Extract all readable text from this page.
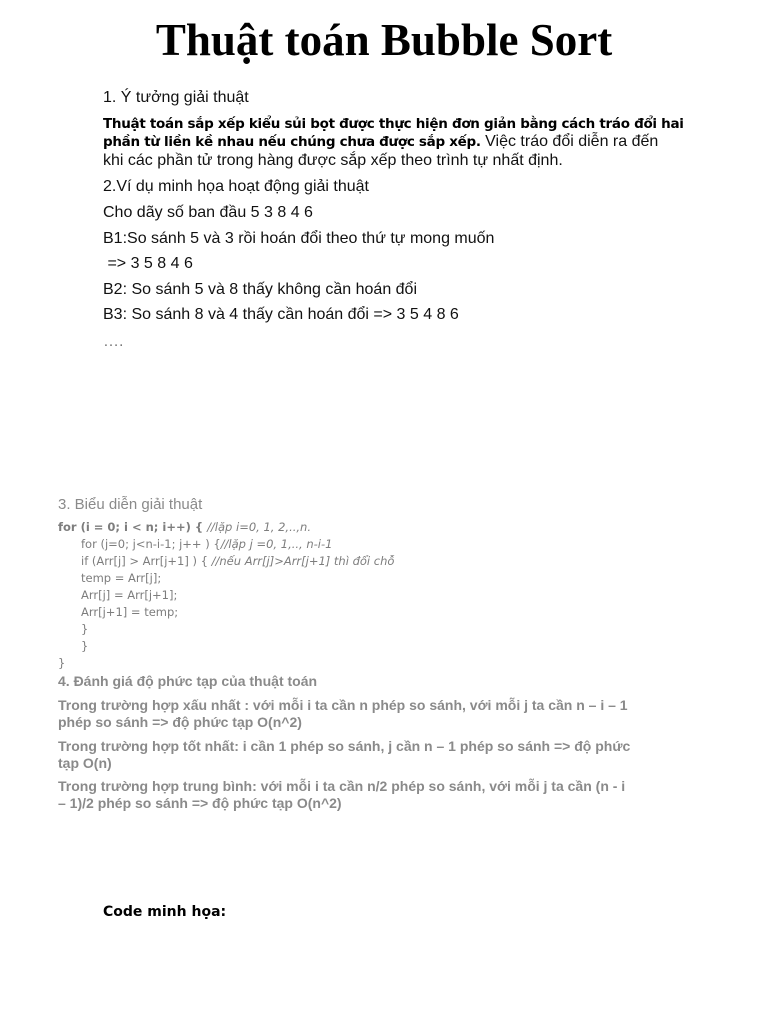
Thuật toán Bubble Sort
1. Ý tưởng giải thuật
Thuật toán sắp xếp kiểu sủi bọt được thực hiện đơn giản bằng cách tráo đổi hai
phần từ liền kề nhau nếu chúng chưa được sắp xếp. Việc tráo đổi diễn ra đến
khi các phần tử trong hàng được sắp xếp theo trình tự nhất định.
2.Ví dụ minh họa hoạt động giải thuật
Cho dãy số ban đầu 5 3 8 4 6
B1:So sánh 5 và 3 rồi hoán đổi theo thứ tự mong muốn
=> 3 5 8 4 6
B2: So sánh 5 và 8 thấy không cần hoán đổi
B3: So sánh 8 và 4 thấy cần hoán đổi => 3 5 4 8 6
….
3. Biểu diễn giải thuật
for (i = 0; i < n; i++) { //lặp i=0, 1, 2,..,n.
for (j=0; j<n-i-1; j++ ) {//lặp j =0, 1,.., n-i-1
if (Arr[j] > Arr[j+1] ) { //nếu Arr[j]>Arr[j+1] thì đổi chỗ
temp = Arr[j];
Arr[j] = Arr[j+1];
Arr[j+1] = temp;
}
}
}
4. Đánh giá độ phức tạp của thuật toán
Trong trường hợp xấu nhất : với mỗi i ta cần n phép so sánh, với mỗi j ta cần n – i – 1
phép so sánh => độ phức tạp O(n^2)
Trong trường hợp tốt nhất: i cần 1 phép so sánh, j cần n – 1 phép so sánh => độ phức
tạp O(n)
Trong trường hợp trung bình: với mỗi i ta cần n/2 phép so sánh, với mỗi j ta cần (n - i
– 1)/2 phép so sánh => độ phức tạp O(n^2)
Code minh họa:
